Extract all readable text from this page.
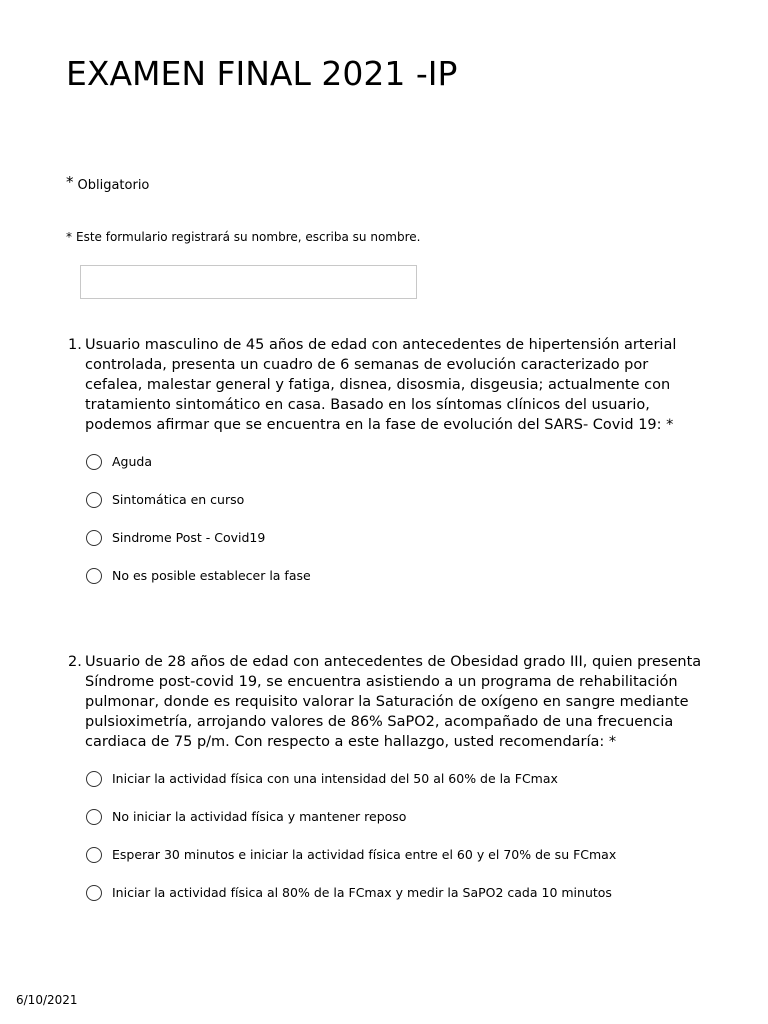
EXAMEN FINAL 2021 -IP
* Obligatorio
* Este formulario registrará su nombre, escriba su nombre.
1. Usuario masculino de 45 años de edad con antecedentes de hipertensión arterial controlada, presenta un cuadro de 6 semanas de evolución caracterizado por cefalea, malestar general y fatiga, disnea, disosmia, disgeusia; actualmente con tratamiento sintomático en casa. Basado en los síntomas clínicos del usuario, podemos afirmar que se encuentra en la fase de evolución del SARS- Covid 19: *
Aguda
Sintomática en curso
Sindrome Post - Covid19
No es posible establecer la fase
2. Usuario de 28 años de edad con antecedentes de Obesidad grado III, quien presenta Síndrome post-covid 19, se encuentra asistiendo a un programa de rehabilitación pulmonar, donde es requisito valorar la Saturación de oxígeno en sangre mediante pulsioximetría, arrojando valores de 86% SaPO2, acompañado de una frecuencia cardiaca de 75 p/m. Con respecto a este hallazgo, usted recomendaría: *
Iniciar la actividad física con una intensidad del 50 al 60% de la FCmax
No iniciar la actividad física y mantener reposo
Esperar 30 minutos e iniciar la actividad física entre el 60 y el 70% de su FCmax
Iniciar la actividad física al 80% de la FCmax y medir la SaPO2 cada 10 minutos
6/10/2021
